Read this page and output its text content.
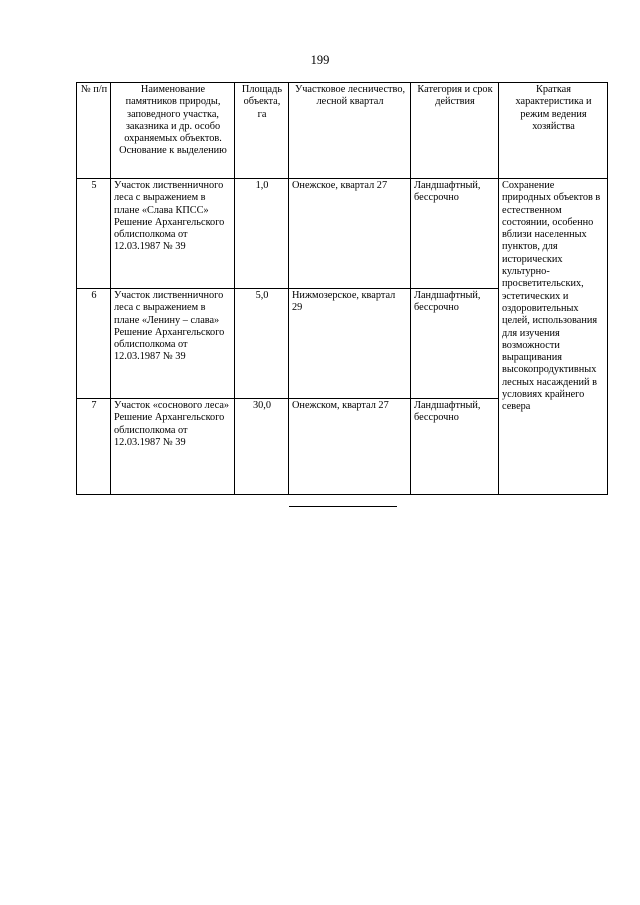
199
№ п/п	Наименование памятников природы, заповедного участка, заказника и др. особо охраняемых объектов. Основание к выделению	Площадь объекта, га	Участковое лесничество, лесной квартал	Категория и срок действия	Краткая характеристика и режим ведения хозяйства
5	Участок лиственничного леса с выражением в плане «Слава КПСС» Решение Архангельского облисполкома от 12.03.1987 № 39	1,0	Онежское, квартал 27	Ландшафтный, бессрочно	Сохранение природных объектов в естественном состоянии, особенно вблизи населенных пунктов, для исторических культурно-просветительских, эстетических и оздоровительных целей, использования для изучения возможности выращивания высокопродуктивных лесных насаждений в условиях крайнего севера
6	Участок лиственничного леса с выражением в плане «Ленину – слава» Решение Архангельского облисполкома от 12.03.1987 № 39	5,0	Нижмозерское, квартал 29	Ландшафтный, бессрочно	
7	Участок «соснового леса» Решение Архангельского облисполкома от 12.03.1987 № 39	30,0	Онежском, квартал 27	Ландшафтный, бессрочно	
